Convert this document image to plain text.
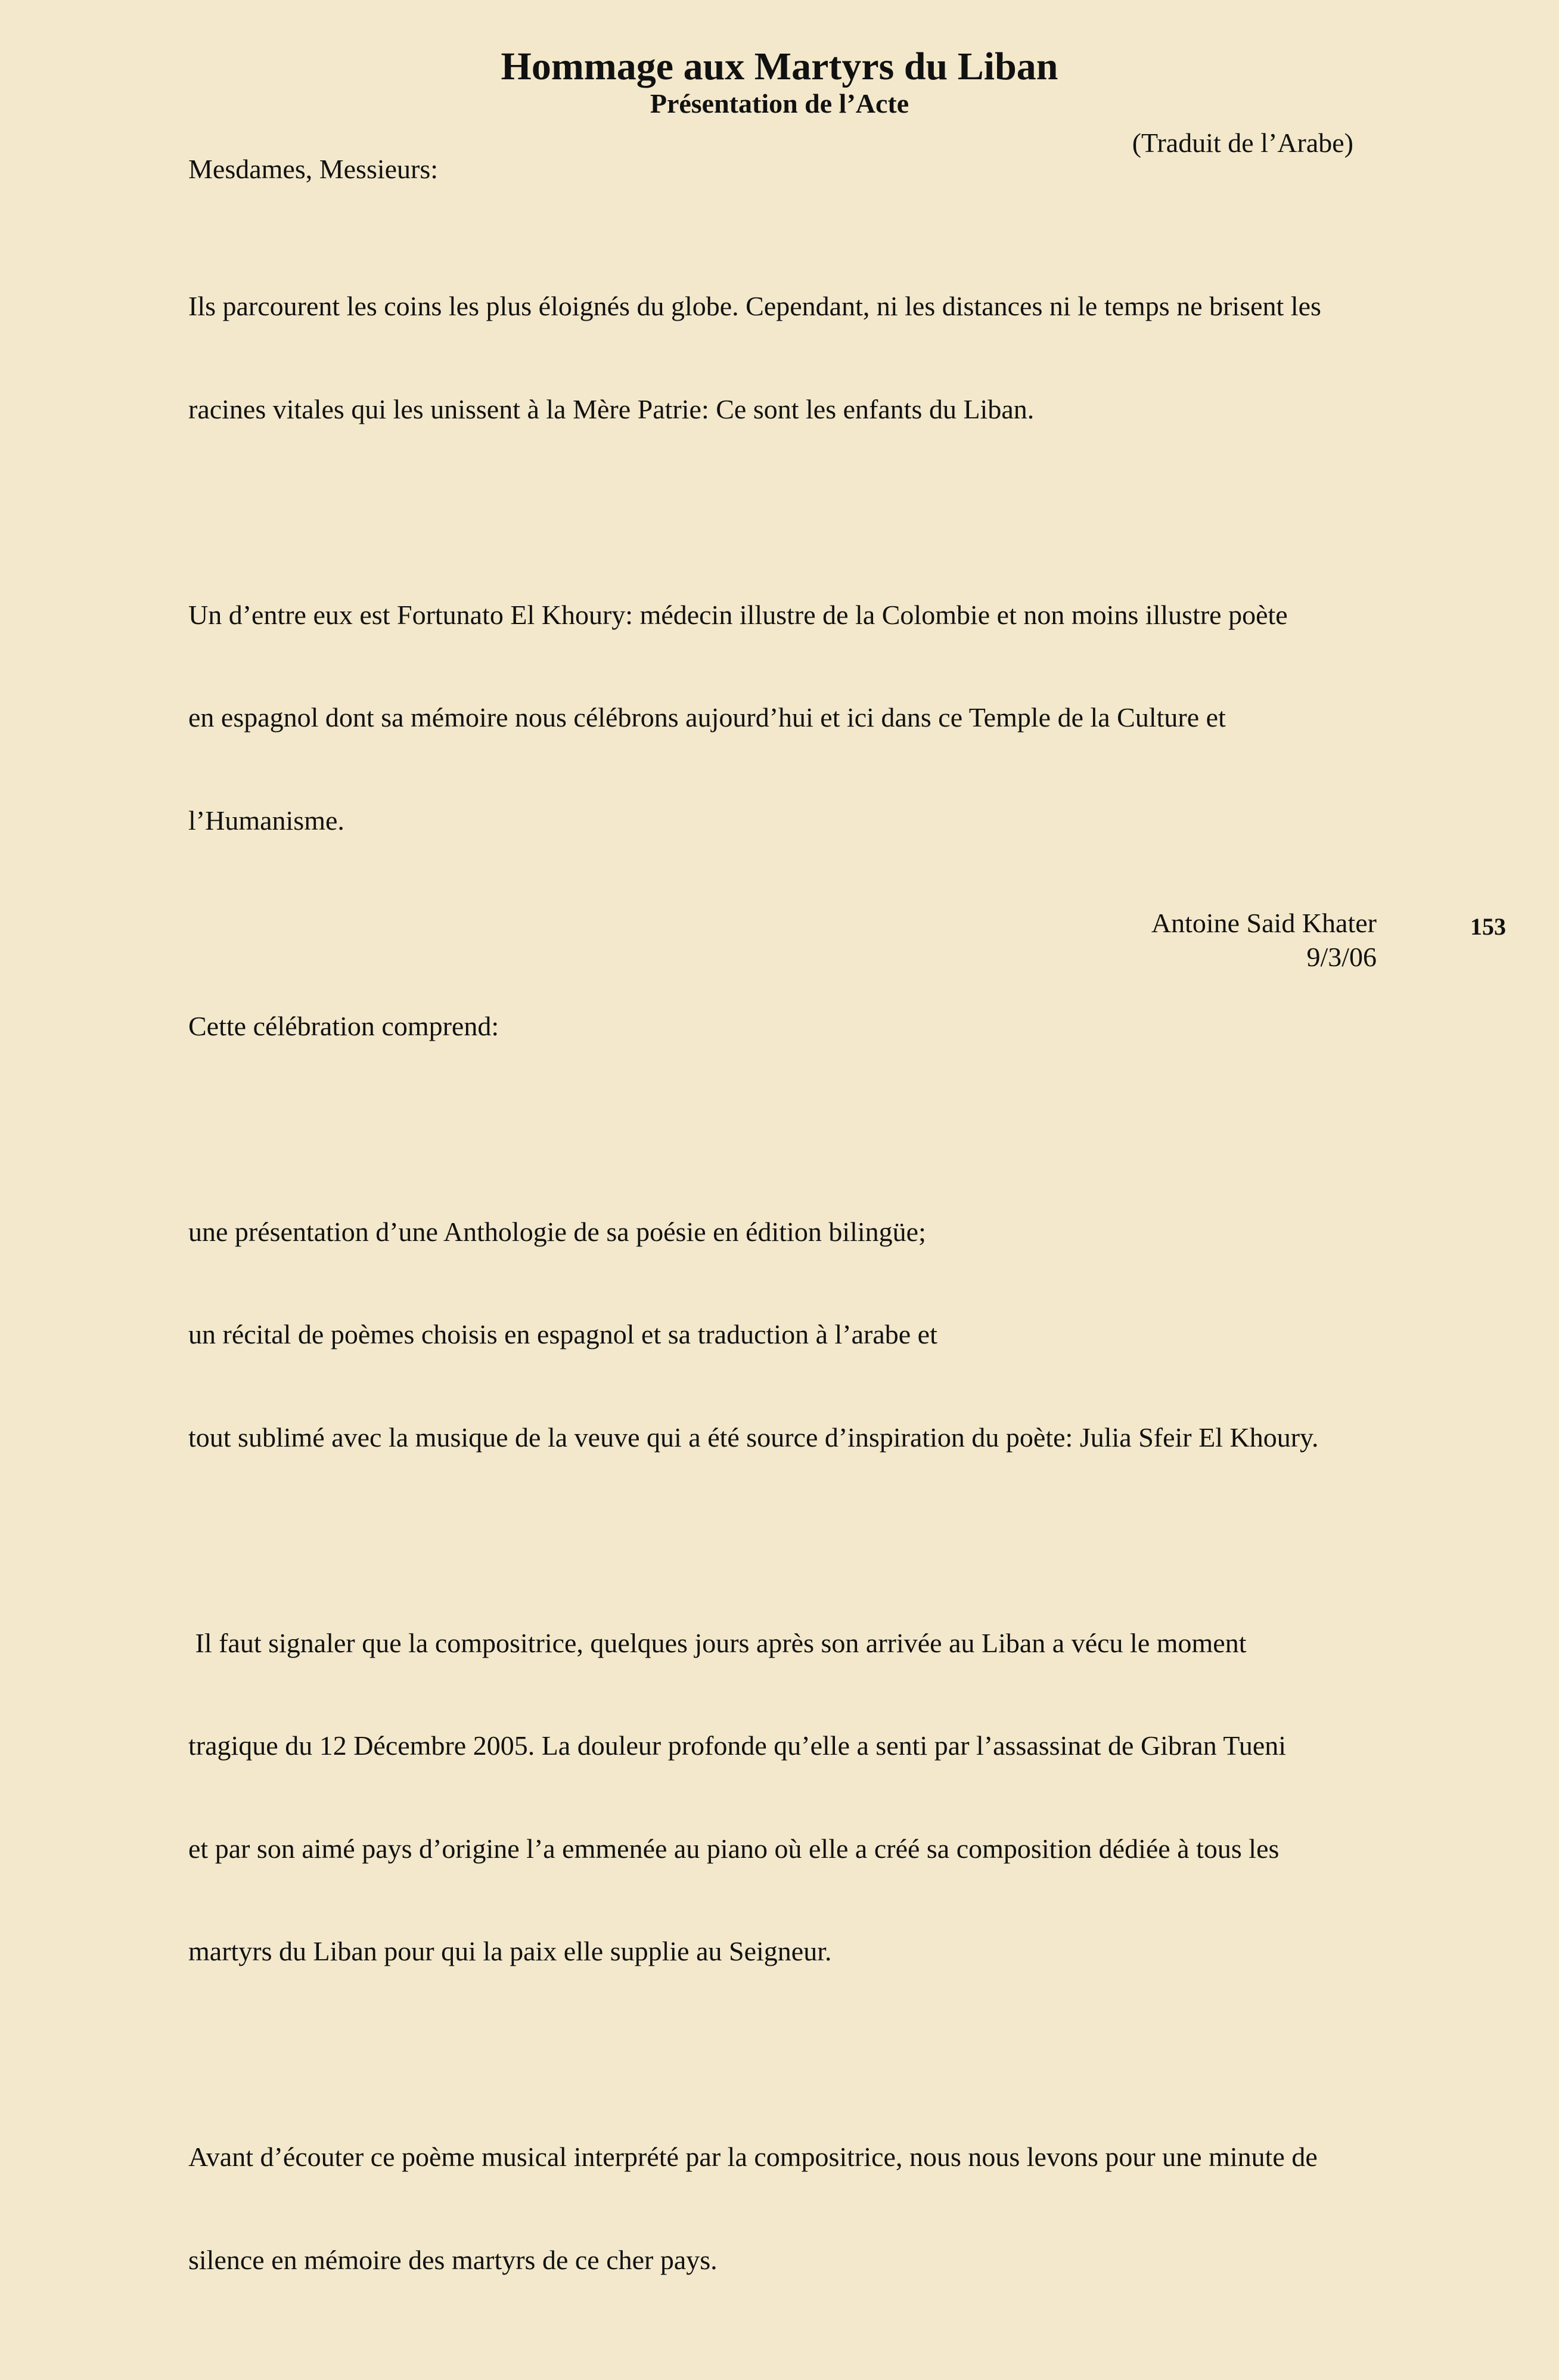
Hommage aux Martyrs du Liban
Présentation de l’Acte
(Traduit de l’Arabe)

Mesdames, Messieurs:

Ils parcourent les coins les plus éloignés du globe. Cependant, ni les distances ni le temps ne brisent les

racines vitales qui les unissent à la Mère Patrie: Ce sont les enfants du Liban.

Un d’entre eux est Fortunato El Khoury: médecin illustre de la Colombie et non moins illustre poète

en espagnol dont sa mémoire nous célébrons aujourd’hui et ici dans ce Temple de la Culture et

l’Humanisme.

Cette célébration comprend:

une présentation d’une Anthologie de sa poésie en édition bilingüe;

un récital de poèmes choisis en espagnol et sa traduction à l’arabe et

tout sublimé avec la musique de la veuve qui a été source d’inspiration du poète: Julia Sfeir El Khoury.

Il faut signaler que la compositrice, quelques jours après son arrivée au Liban a vécu le moment

tragique du 12 Décembre 2005. La douleur profonde qu’elle a senti par l’assassinat de Gibran Tueni

et par son aimé pays d’origine l’a emmenée au piano où elle a créé sa composition dédiée à tous les

martyrs du Liban pour qui la paix elle supplie au Seigneur.

Avant d’écouter ce poème musical interprété par la compositrice, nous nous levons pour une minute de

silence en mémoire des martyrs de ce cher pays.

Antoine Said Khater
9/3/06
153
